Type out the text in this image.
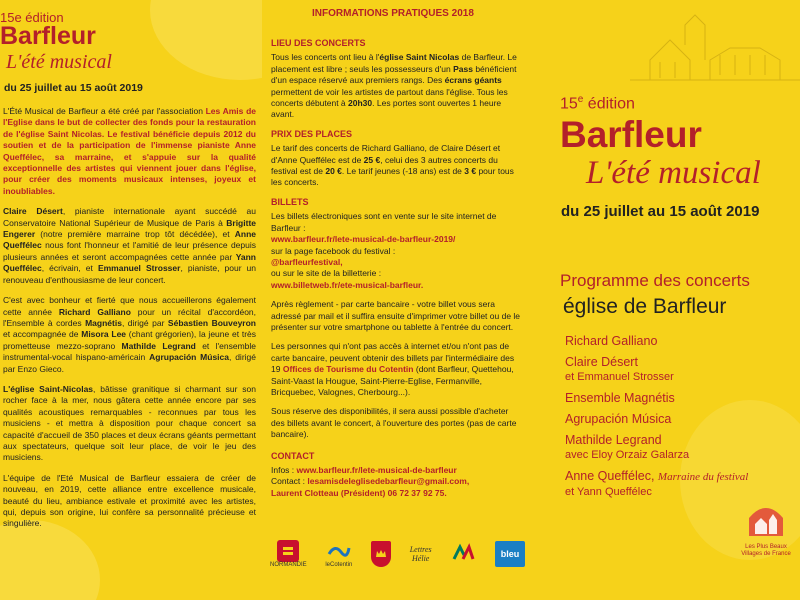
15e édition
Barfleur
L'été musical
du 25 juillet au 15 août 2019

L'Été Musical de Barfleur a été créé par l'association Les Amis de l'Eglise dans le but de collecter des fonds pour la restauration de l'église Saint Nicolas. Le festival bénéficie depuis 2012 du soutien et de la participation de l'immense pianiste Anne Queffélec, sa marraine, et s'appuie sur la qualité exceptionnelle des artistes qui viennent jouer dans l'église, pour créer des moments musicaux intenses, joyeux et inoubliables.

Claire Désert, pianiste internationale ayant succédé au Conservatoire National Supérieur de Musique de Paris à Brigitte Engerer (notre première marraine trop tôt décédée), et Anne Queffélec nous font l'honneur et l'amitié de leur présence depuis plusieurs années et seront accompagnées cette année par Yann Queffélec, écrivain, et Emmanuel Strosser, pianiste, pour un renouveau d'enthousiasme de leur concert.

C'est avec bonheur et fierté que nous accueillerons également cette année Richard Galliano pour un récital d'accordéon, l'Ensemble à cordes Magnétis, dirigé par Sébastien Bouveyron et accompagnée de Misora Lee (chant grégorien), la jeune et très prometteuse mezzo-soprano Mathilde Legrand et l'ensemble instrumental-vocal hispano-américain Agrupación Música, dirigé par Enzo Gieco.

L'église Saint-Nicolas, bâtisse granitique si charmant sur son rocher face à la mer, nous gâtera cette année encore par ses qualités acoustiques remarquables - reconnues par tous les musiciens - et mettra à disposition pour chaque concert sa capacité d'accueil de 350 places et deux écrans géants permettant aux spectateurs, quelque soit leur place, de voir le jeu des musiciens.

L'équipe de l'Eté Musical de Barfleur essaiera de créer de nouveau, en 2019, cette alliance entre excellence musicale, beauté du lieu, ambiance estivale et proximité avec les artistes, qui, depuis son origine, lui confère sa personnalité précieuse et singulière.

INFORMATIONS PRATIQUES 2018
LIEU DES CONCERTS

Tous les concerts ont lieu à l'église Saint Nicolas de Barfleur. Le placement est libre ; seuls les possesseurs d'un Pass bénéficient d'un espace réservé aux premiers rangs. Des écrans géants permettent de voir les artistes de partout dans l'église. Tous les concerts débutent à 20h30. Les portes sont ouvertes 1 heure avant.

PRIX DES PLACES

Le tarif des concerts de Richard Galliano, de Claire Désert et d'Anne Queffélec est de 25 €, celui des 3 autres concerts du festival est de 20 €. Le tarif jeunes (-18 ans) est de 3 € pour tous les concerts.

BILLETS

Les billets électroniques sont en vente sur le site internet de Barfleur :
www.barfleur.fr/lete-musical-de-barfleur-2019/
sur la page facebook du festival :
@barfleurfestival,
ou sur le site de la billetterie :
www.billetweb.fr/ete-musical-barfleur.

Après règlement - par carte bancaire - votre billet vous sera adressé par mail et il suffira ensuite d'imprimer votre billet ou de le présenter sur votre smartphone ou tablette à l'entrée du concert.

Les personnes qui n'ont pas accès à internet et/ou n'ont pas de carte bancaire, peuvent obtenir des billets par l'intermédiaire des 19 Offices de Tourisme du Cotentin (dont Barfleur, Quettehou, Saint-Vaast la Hougue, Saint-Pierre-Eglise, Fermanville, Bricquebec, Valognes, Cherbourg...).

Sous réserve des disponibilités, il sera aussi possible d'acheter des billets avant le concert, à l'ouverture des portes (pas de carte bancaire).

CONTACT

Infos : www.barfleur.fr/lete-musical-de-barfleur
Contact : lesamisdeleglisedebarfleur@gmail.com,
Laurent Clotteau (Président) 06 72 37 92 75.

NORMANDIE	leCotentin
Lettres
Hélie	bleu
15e édition
Barfleur
L'été musical
du 25 juillet au 15 août 2019
Programme des concerts
église de Barfleur
Richard Galliano
Claire Désert
et Emmanuel Strosser
Ensemble Magnétis
Agrupación Música
Mathilde Legrand
avec Eloy Orzaiz Galarza
Anne Queffélec, Marraine du festival
et Yann Queffélec
Les Plus Beaux Villages de France
